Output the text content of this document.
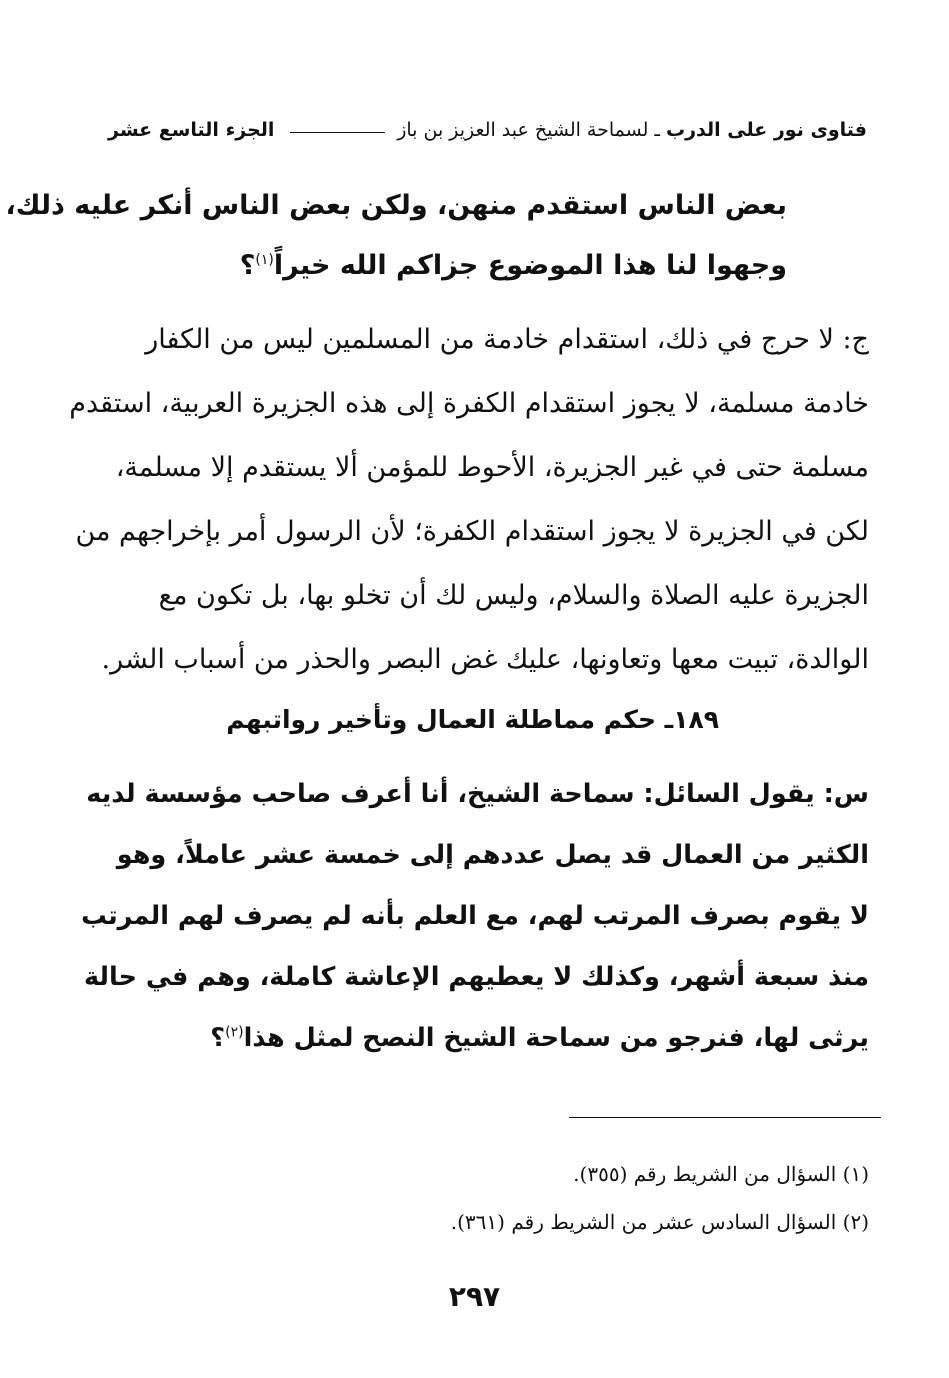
فتاوى نور على الدرب
ـ لسماحة الشيخ عبد العزيز بن باز
الجزء التاسع عشر
بعض الناس استقدم منهن، ولكن بعض الناس أنكر عليه ذلك،
وجهوا لنا هذا الموضوع جزاكم الله خيراً$^{(١)}$؟
ج: لا حرج في ذلك، استقدام خادمة من المسلمين ليس من الكفار
خادمة مسلمة، لا يجوز استقدام الكفرة إلى هذه الجزيرة العربية، استقدم
مسلمة حتى في غير الجزيرة، الأحوط للمؤمن ألا يستقدم إلا مسلمة،
لكن في الجزيرة لا يجوز استقدام الكفرة؛ لأن الرسول أمر بإخراجهم من
الجزيرة عليه الصلاة والسلام، وليس لك أن تخلو بها، بل تكون مع
الوالدة، تبيت معها وتعاونها، عليك غض البصر والحذر من أسباب الشر.
١٨٩ـ حكم مماطلة العمال وتأخير رواتبهم
س: يقول السائل: سماحة الشيخ، أنا أعرف صاحب مؤسسة لديه
الكثير من العمال قد يصل عددهم إلى خمسة عشر عاملاً، وهو
لا يقوم بصرف المرتب لهم، مع العلم بأنه لم يصرف لهم المرتب
منذ سبعة أشهر، وكذلك لا يعطيهم الإعاشة كاملة، وهم في حالة
يرثى لها، فنرجو من سماحة الشيخ النصح لمثل هذا$^{(٢)}$؟
(١) السؤال من الشريط رقم (٣٥٥).
(٢) السؤال السادس عشر من الشريط رقم (٣٦١).
٢٩٧
